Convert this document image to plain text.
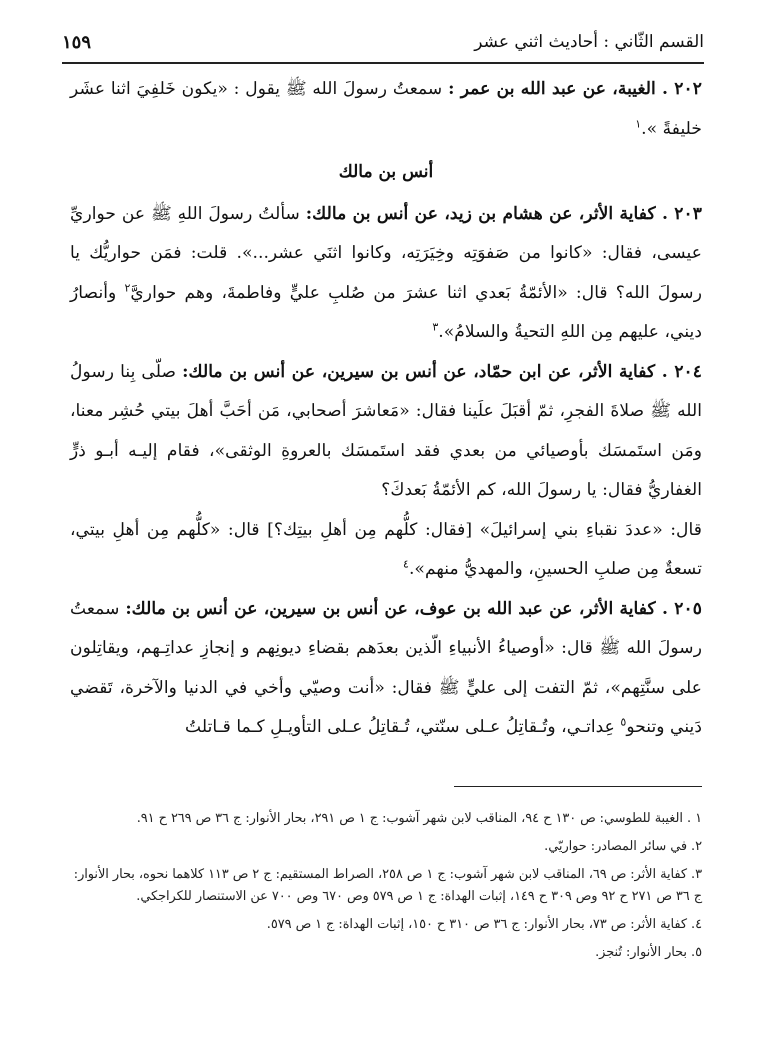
القسم الثّاني : أحاديث اثني عشر
١٥٩

٢٠٢ . الغيبة، عن عبد الله بن عمر : سمعتُ رسولَ الله ﷺ يقول : «يكون خَلفِيَ اثنا عشَر خليفةً ».$^١$

أنس بن مالك

٢٠٣ . كفاية الأثر، عن هشام بن زيد، عن أنس بن مالك: سألتُ رسولَ اللهِ ﷺ عن حواريِّ عيسى، فقال: «كانوا من صَفوَتِه وخِيَرَتِه، وكانوا اثنَي عشر...». قلت: فمَن حواريُّك يا رسولَ الله؟ قال: «الأئمّةُ بَعدي اثنا عشرَ من صُلبِ عليٍّ وفاطمةَ، وهم حواريَّ$^٢$ وأنصارُ ديني، عليهم مِن اللهِ التحيةُ والسلامُ».$^٣$

٢٠٤ . كفاية الأثر، عن ابن حمّاد، عن أنس بن سيرين، عن أنس بن مالك: صلّى بِنا رسولُ الله ﷺ صلاةَ الفجرِ، ثمّ أقبَلَ علَينا فقال: «مَعاشرَ أصحابي، مَن أحَبَّ أهلَ بيتي حُشِر معنا، ومَن استَمسَك بأوصيائي من بعدي فقد استَمسَك بالعروةِ الوثقى»، فقام إليـه أبـو ذرٍّ الغفاريُّ فقال: يا رسولَ الله، كم الأئمّةُ بَعدكَ؟

قال: «عددَ نقباءِ بني إسرائيلَ» [فقال: كلُّهم مِن أهلِ بيتِك؟] قال: «كلُّهم مِن أهلِ بيتي، تسعةٌ مِن صلبِ الحسينِ، والمهديُّ منهم».$^٤$

٢٠٥ . كفاية الأثر، عن عبد الله بن عوف، عن أنس بن سيرين، عن أنس بن مالك: سمعتُ رسولَ الله ﷺ قال: «أوصياءُ الأنبياءِ الّذين بعدَهم بقضاءِ ديونِهم و إنجازِ عداتِـهم، ويقاتِلون على سنَّتِهم»، ثمّ التفت إلى عليٍّ ﷺ فقال: «أنت وصيّي وأخي في الدنيا والآخرة، تَقضي دَيني وتنحو$^٥$ عِداتـي، وتُـقاتِلُ عـلى سنّتي، تُـقاتِلُ عـلى التأويـلِ كـما قـاتلتُ

١ . الغيبة للطوسي: ص ١٣٠ ح ٩٤، المناقب لابن شهر آشوب: ج ١ ص ٢٩١، بحار الأنوار: ج ٣٦ ص ٢٦٩ ح ٩١.
٢. في سائر المصادر: حواريّي.
٣. كفاية الأثر: ص ٦٩، المناقب لابن شهر آشوب: ج ١ ص ٢٥٨، الصراط المستقيم: ج ٢ ص ١١٣ كلاهما نحوه، بحار الأنوار: ج ٣٦ ص ٢٧١ ح ٩٢ وص ٣٠٩ ح ١٤٩، إثبات الهداة: ج ١ ص ٥٧٩ وص ٦٧٠ وص ٧٠٠ عن الاستنصار للكراجكي.
٤. كفاية الأثر: ص ٧٣، بحار الأنوار: ج ٣٦ ص ٣١٠ ح ١٥٠، إثبات الهداة: ج ١ ص ٥٧٩.
٥. بحار الأنوار: تُنجز.
